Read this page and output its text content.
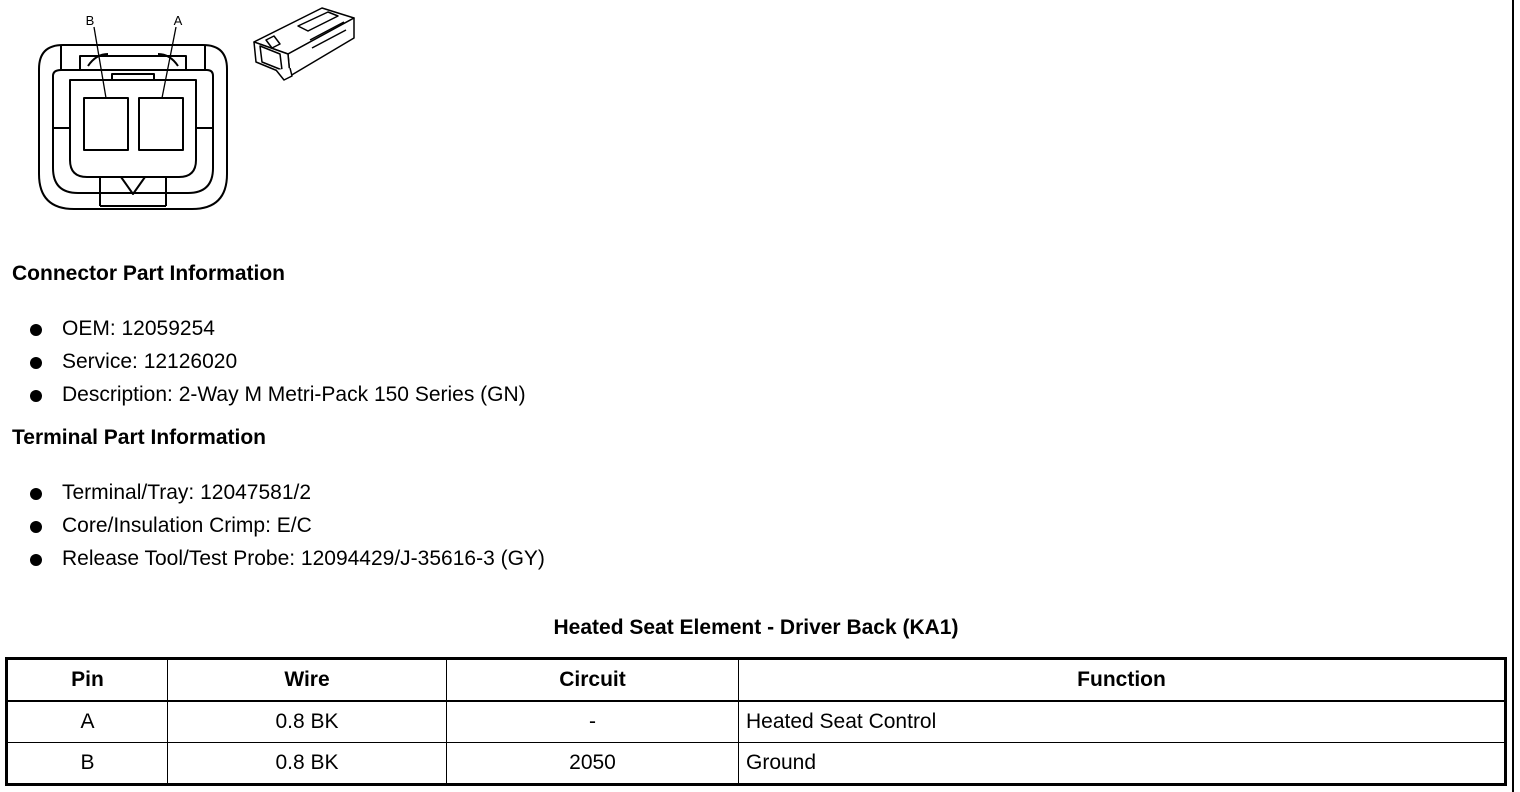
B	A
Connector Part Information
OEM: 12059254
Service: 12126020
Description: 2-Way M Metri-Pack 150 Series (GN)
Terminal Part Information
Terminal/Tray: 12047581/2
Core/Insulation Crimp: E/C
Release Tool/Test Probe: 12094429/J-35616-3 (GY)
Heated Seat Element - Driver Back (KA1)
Pin	Wire	Circuit	Function
A	0.8 BK	-	Heated Seat Control
B	0.8 BK	2050	Ground
